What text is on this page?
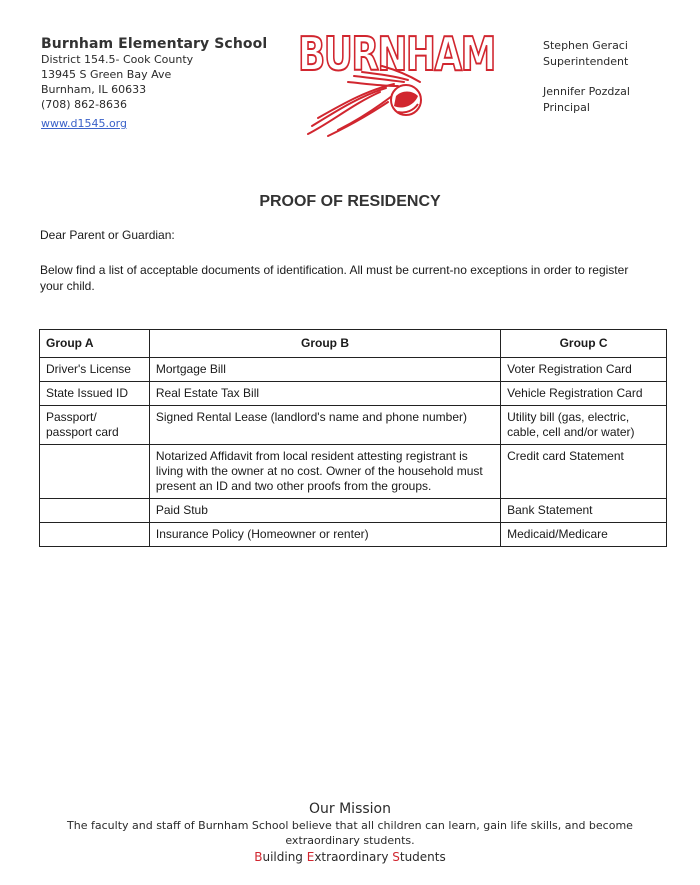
Burnham Elementary School
District 154.5- Cook County
13945 S Green Bay Ave
Burnham, IL 60633
(708) 862-8636
www.d1545.org
BURNHAM	Stephen Geraci
Superintendent
Jennifer Pozdzal
Principal
PROOF OF RESIDENCY
Dear Parent or Guardian:
Below find a list of acceptable documents of identification. All must be current-no exceptions in order to register your child.
Group A	Group B	Group C
Driver's License	Mortgage Bill	Voter Registration Card
State Issued ID	Real Estate Tax Bill	Vehicle Registration Card
Passport/ passport card	Signed Rental Lease (landlord's name and phone number)	Utility bill (gas, electric, cable, cell and/or water)
	Notarized Affidavit from local resident attesting registrant is living with the owner at no cost. Owner of the household must present an ID and two other proofs from the groups.	Credit card Statement
	Paid Stub	Bank Statement
	Insurance Policy (Homeowner or renter)	Medicaid/Medicare
Our Mission
The faculty and staff of Burnham School believe that all children can learn, gain life skills, and become extraordinary students.
Building Extraordinary Students
